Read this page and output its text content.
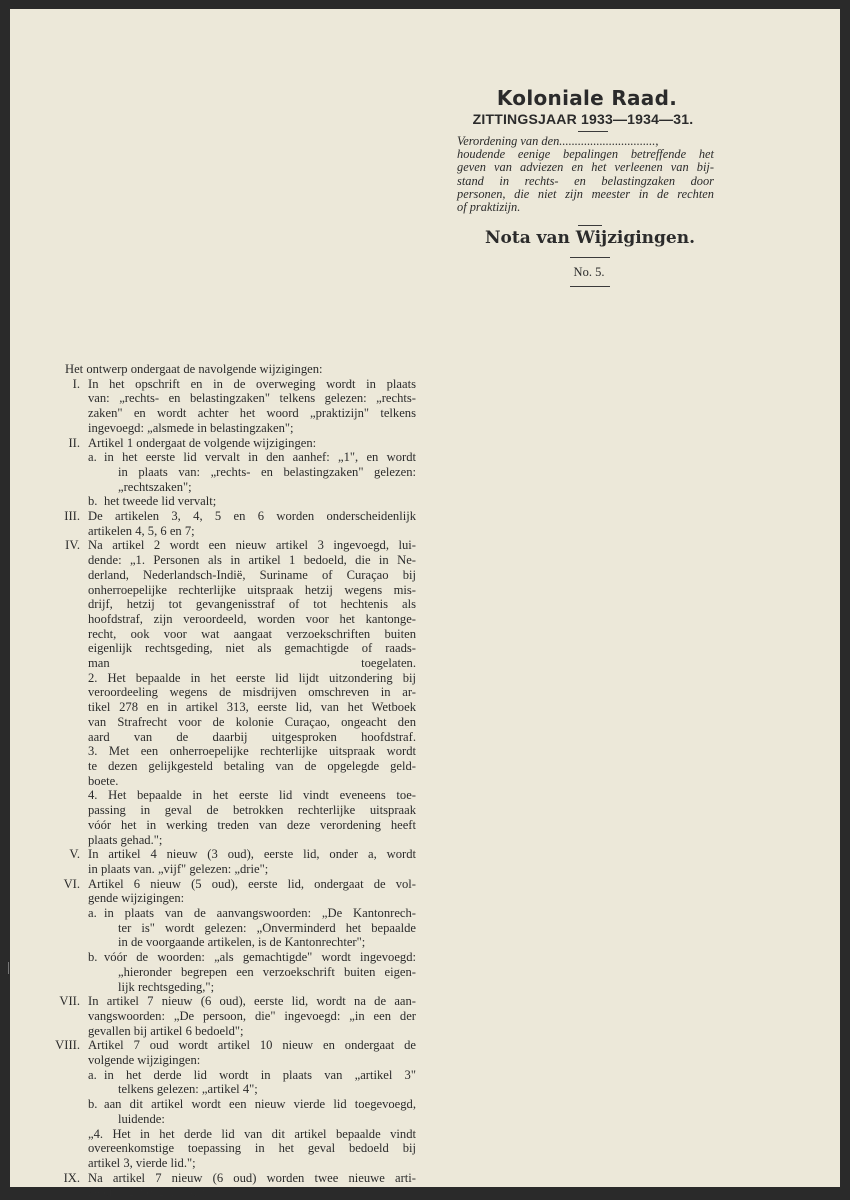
Koloniale Raad.
ZITTINGSJAAR 1933—1934—31.
Verordening van den...............................,
houdende eenige bepalingen betreffende het
geven van adviezen en het verleenen van bij-
stand in rechts- en belastingzaken door
personen, die niet zijn meester in de rechten
of praktizijn.
Nota van Wijzigingen.
No. 5.
Het ontwerp ondergaat de navolgende wijzigingen:
I. In het opschrift en in de overweging wordt in plaats
van: „rechts- en belastingzaken" telkens gelezen: „rechts-
zaken" en wordt achter het woord „praktizijn" telkens
ingevoegd: „alsmede in belastingzaken";
II. Artikel 1 ondergaat de volgende wijzigingen:
a. in het eerste lid vervalt in den aanhef: „1", en wordt
in plaats van: „rechts- en belastingzaken" gelezen:
„rechtszaken";
b. het tweede lid vervalt;
III. De artikelen 3, 4, 5 en 6 worden onderscheidenlijk
artikelen 4, 5, 6 en 7;
IV. Na artikel 2 wordt een nieuw artikel 3 ingevoegd, lui-
dende: „1. Personen als in artikel 1 bedoeld, die in Ne-
derland, Nederlandsch-Indië, Suriname of Curaçao bij
onherroepelijke rechterlijke uitspraak hetzij wegens mis-
drijf, hetzij tot gevangenisstraf of tot hechtenis als
hoofdstraf, zijn veroordeeld, worden voor het kantonge-
recht, ook voor wat aangaat verzoekschriften buiten
eigenlijk rechtsgeding, niet als gemachtigde of raads-
man toegelaten.
2. Het bepaalde in het eerste lid lijdt uitzondering bij
veroordeeling wegens de misdrijven omschreven in ar-
tikel 278 en in artikel 313, eerste lid, van het Wetboek
van Strafrecht voor de kolonie Curaçao, ongeacht den
aard van de daarbij uitgesproken hoofdstraf.
3. Met een onherroepelijke rechterlijke uitspraak wordt
te dezen gelijkgesteld betaling van de opgelegde geld-
boete.
4. Het bepaalde in het eerste lid vindt eveneens toe-
passing in geval de betrokken rechterlijke uitspraak
vóór het in werking treden van deze verordening heeft
plaats gehad.";
V. In artikel 4 nieuw (3 oud), eerste lid, onder a, wordt
in plaats van. „vijf" gelezen: „drie";
VI. Artikel 6 nieuw (5 oud), eerste lid, ondergaat de vol-
gende wijzigingen:
a. in plaats van de aanvangswoorden: „De Kantonrech-
ter is" wordt gelezen: „Onverminderd het bepaalde
in de voorgaande artikelen, is de Kantonrechter";
b. vóór de woorden: „als gemachtigde" wordt ingevoegd:
„hieronder begrepen een verzoekschrift buiten eigen-
lijk rechtsgeding,";
VII. In artikel 7 nieuw (6 oud), eerste lid, wordt na de aan-
vangswoorden: „De persoon, die" ingevoegd: „in een der
gevallen bij artikel 6 bedoeld";
VIII. Artikel 7 oud wordt artikel 10 nieuw en ondergaat de
volgende wijzigingen:
a. in het derde lid wordt in plaats van „artikel 3"
telkens gelezen: „artikel 4";
b. aan dit artikel wordt een nieuw vierde lid toegevoegd,
luidende:
„4. Het in het derde lid van dit artikel bepaalde vindt
overeenkomstige toepassing in het geval bedoeld bij
artikel 3, vierde lid.";
IX. Na artikel 7 nieuw (6 oud) worden twee nieuwe arti-
kelen ingevoegd, luidende:
